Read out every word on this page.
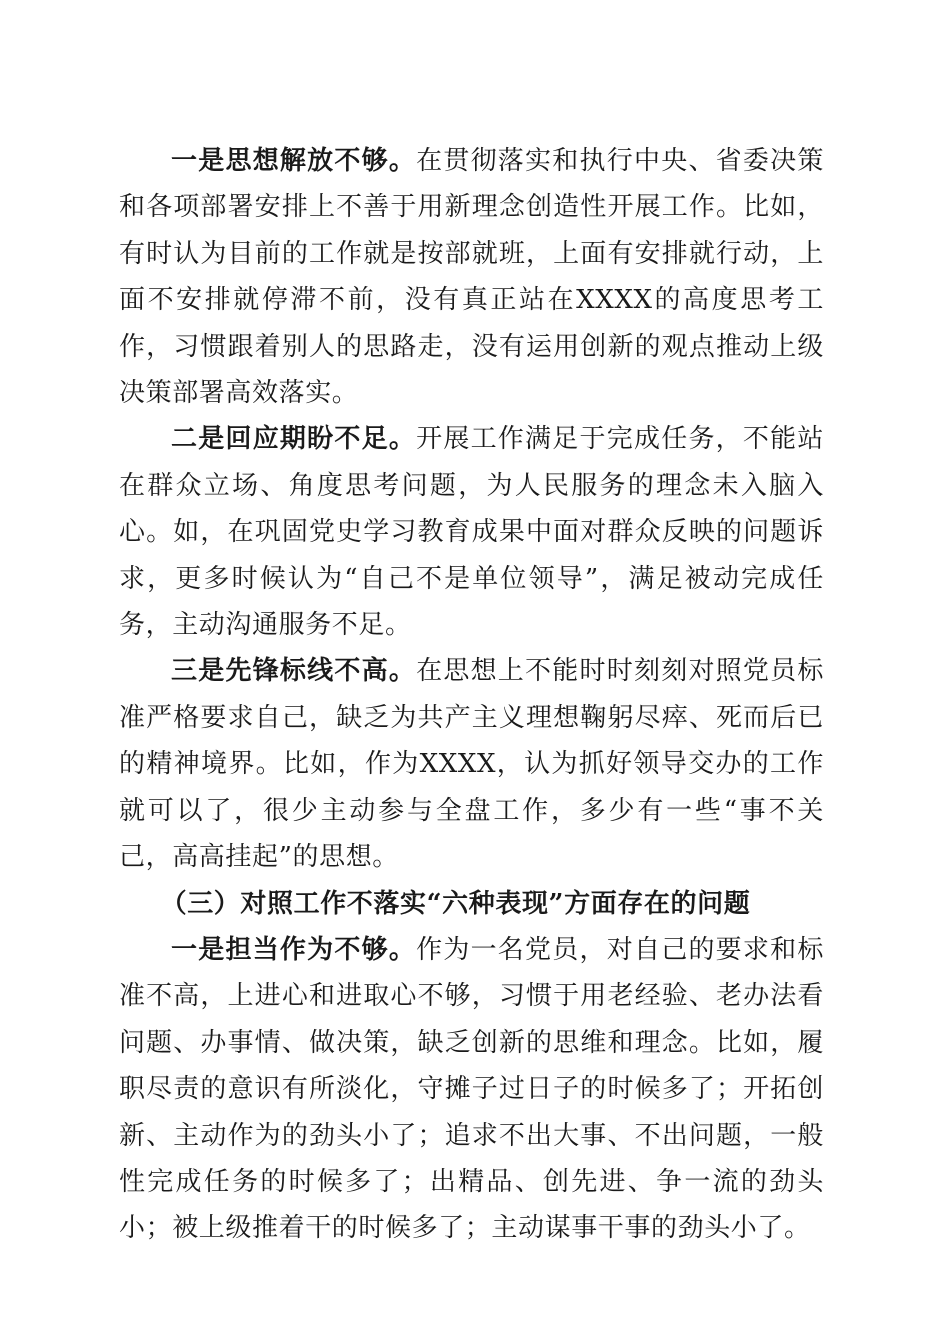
一是思想解放不够。在贯彻落实和执行中央、省委决策和各项部署安排上不善于用新理念创造性开展工作。比如，有时认为目前的工作就是按部就班，上面有安排就行动，上面不安排就停滞不前，没有真正站在XXXX的高度思考工作，习惯跟着别人的思路走，没有运用创新的观点推动上级决策部署高效落实。

二是回应期盼不足。开展工作满足于完成任务，不能站在群众立场、角度思考问题，为人民服务的理念未入脑入心。如，在巩固党史学习教育成果中面对群众反映的问题诉求，更多时候认为“自己不是单位领导”，满足被动完成任务，主动沟通服务不足。

三是先锋标线不高。在思想上不能时时刻刻对照党员标准严格要求自己，缺乏为共产主义理想鞠躬尽瘁、死而后已的精神境界。比如，作为XXXX，认为抓好领导交办的工作就可以了，很少主动参与全盘工作，多少有一些“事不关己，高高挂起”的思想。

（三）对照工作不落实“六种表现”方面存在的问题

一是担当作为不够。作为一名党员，对自己的要求和标准不高，上进心和进取心不够，习惯于用老经验、老办法看问题、办事情、做决策，缺乏创新的思维和理念。比如，履职尽责的意识有所淡化，守摊子过日子的时候多了；开拓创新、主动作为的劲头小了；追求不出大事、不出问题，一般性完成任务的时候多了；出精品、创先进、争一流的劲头小；被上级推着干的时候多了；主动谋事干事的劲头小了。
